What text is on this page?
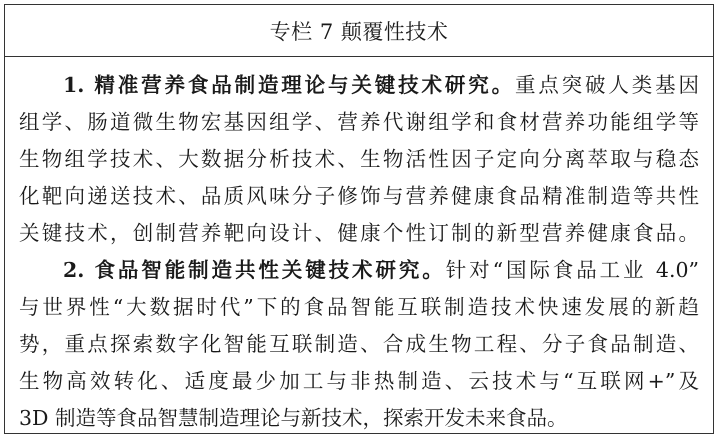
专栏 7 颠覆性技术
1. 精准营养食品制造理论与关键技术研究。重点突破人类基因
组学、肠道微生物宏基因组学、营养代谢组学和食材营养功能组学等
生物组学技术、大数据分析技术、生物活性因子定向分离萃取与稳态
化靶向递送技术、品质风味分子修饰与营养健康食品精准制造等共性
关键技术，创制营养靶向设计、健康个性订制的新型营养健康食品。
2. 食品智能制造共性关键技术研究。针对“国际食品工业 4.0”
与世界性“大数据时代”下的食品智能互联制造技术快速发展的新趋
势，重点探索数字化智能互联制造、合成生物工程、分子食品制造、
生物高效转化、适度最少加工与非热制造、云技术与“互联网+”及
3D 制造等食品智慧制造理论与新技术，探索开发未来食品。
